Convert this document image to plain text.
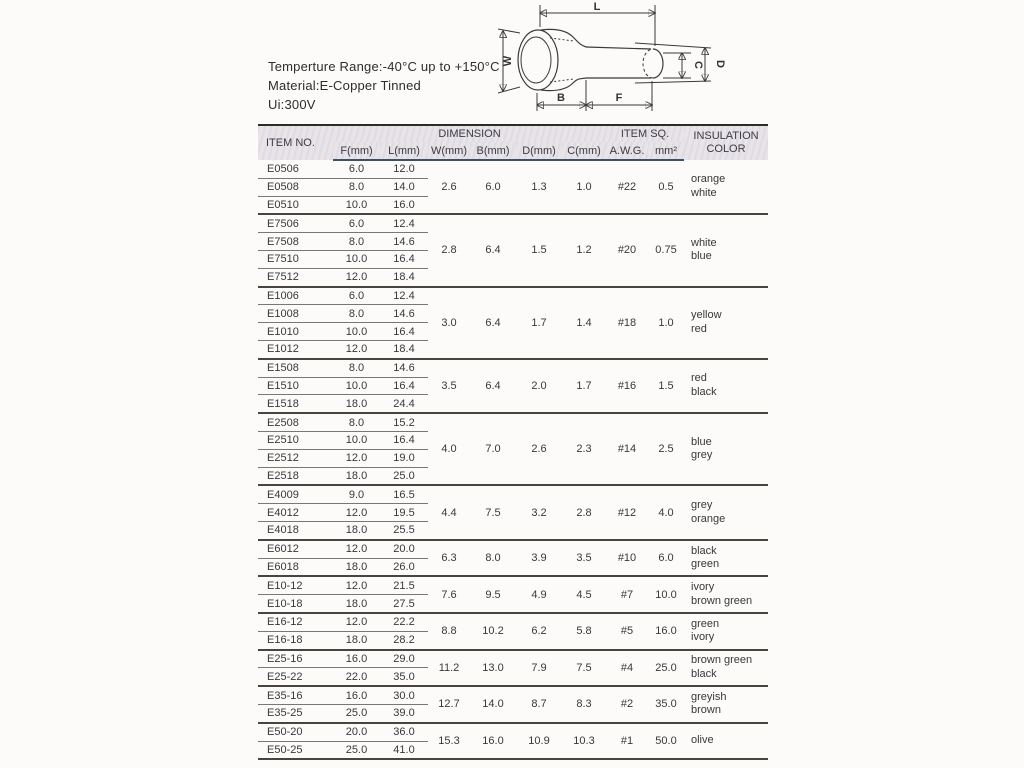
Temperture Range:-40°C up to +150°C
Material:E-Copper Tinned
Ui:300V
L
W
B	F
C D
ITEM NO.	DIMENSION						ITEM SQ.		INSULATION
COLOR

	F(mm)	L(mm)	W(mm)	B(mm)	D(mm)	C(mm)	A.W.G.	mm²	
E0506	6.0	12.0	2.6	6.0	1.3	1.0	#22	0.5	orange
white

E0508	8.0	14.0							
E0510	10.0	16.0							
E7506	6.0	12.4	2.8	6.4	1.5	1.2	#20	0.75	white
blue

E7508	8.0	14.6							
E7510	10.0	16.4							
E7512	12.0	18.4							
E1006	6.0	12.4	3.0	6.4	1.7	1.4	#18	1.0	yellow
red

E1008	8.0	14.6							
E1010	10.0	16.4							
E1012	12.0	18.4							
E1508	8.0	14.6	3.5	6.4	2.0	1.7	#16	1.5	red
black

E1510	10.0	16.4							
E1518	18.0	24.4							
E2508	8.0	15.2	4.0	7.0	2.6	2.3	#14	2.5	blue
grey

E2510	10.0	16.4							
E2512	12.0	19.0							
E2518	18.0	25.0							
E4009	9.0	16.5	4.4	7.5	3.2	2.8	#12	4.0	grey
orange

E4012	12.0	19.5							
E4018	18.0	25.5							
E6012	12.0	20.0	6.3	8.0	3.9	3.5	#10	6.0	black
green

E6018	18.0	26.0							
E10-12	12.0	21.5	7.6	9.5	4.9	4.5	#7	10.0	ivory
brown green

E10-18	18.0	27.5							
E16-12	12.0	22.2	8.8	10.2	6.2	5.8	#5	16.0	green
ivory

E16-18	18.0	28.2							
E25-16	16.0	29.0	11.2	13.0	7.9	7.5	#4	25.0	brown green
black

E25-22	22.0	35.0							
E35-16	16.0	30.0	12.7	14.0	8.7	8.3	#2	35.0	greyish
brown

E35-25	25.0	39.0							
E50-20	20.0	36.0	15.3	16.0	10.9	10.3	#1	50.0	olive

E50-25	25.0	41.0							
